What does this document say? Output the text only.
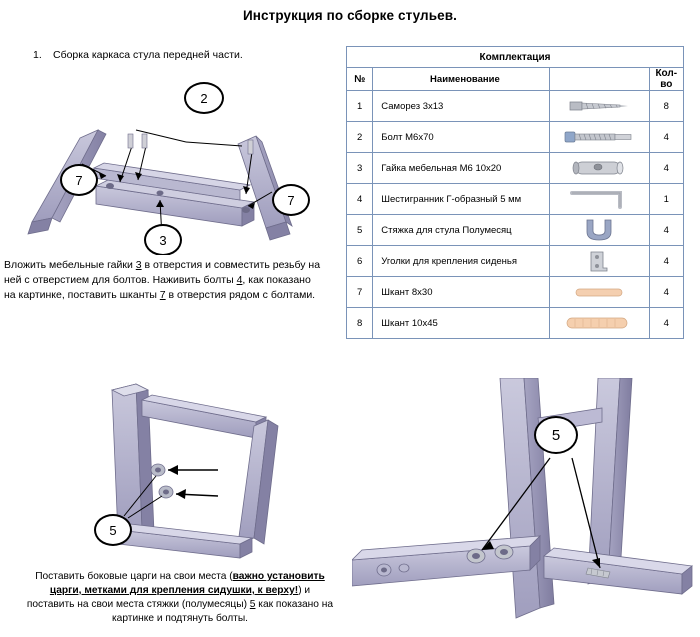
Инструкция по сборке стульев.
1. Сборка каркаса стула передней части.
2
7
7
3
Комплектация			
№	Наименование		Кол-во
1	Саморез 3х13		8
2	Болт М6х70		4
3	Гайка мебельная М6 10х20		4
4	Шестигранник Г-образный 5 мм		1
5	Стяжка для стула Полумесяц		4
6	Уголки для крепления сиденья		4
7	Шкант 8х30		4
8	Шкант 10х45		4
Вложить мебельные гайки 3 в отверстия и совместить резьбу на
ней с отверстием для болтов. Наживить болты 4, как показано
на картинке, поставить шканты 7 в отверстия рядом с болтами.
5
5
Поставить боковые царги на свои места (важно установить
царги, метками для крепления сидушки, к верху!) и
поставить на свои места стяжки (полумесяцы) 5 как показано на
картинке и подтянуть болты.
